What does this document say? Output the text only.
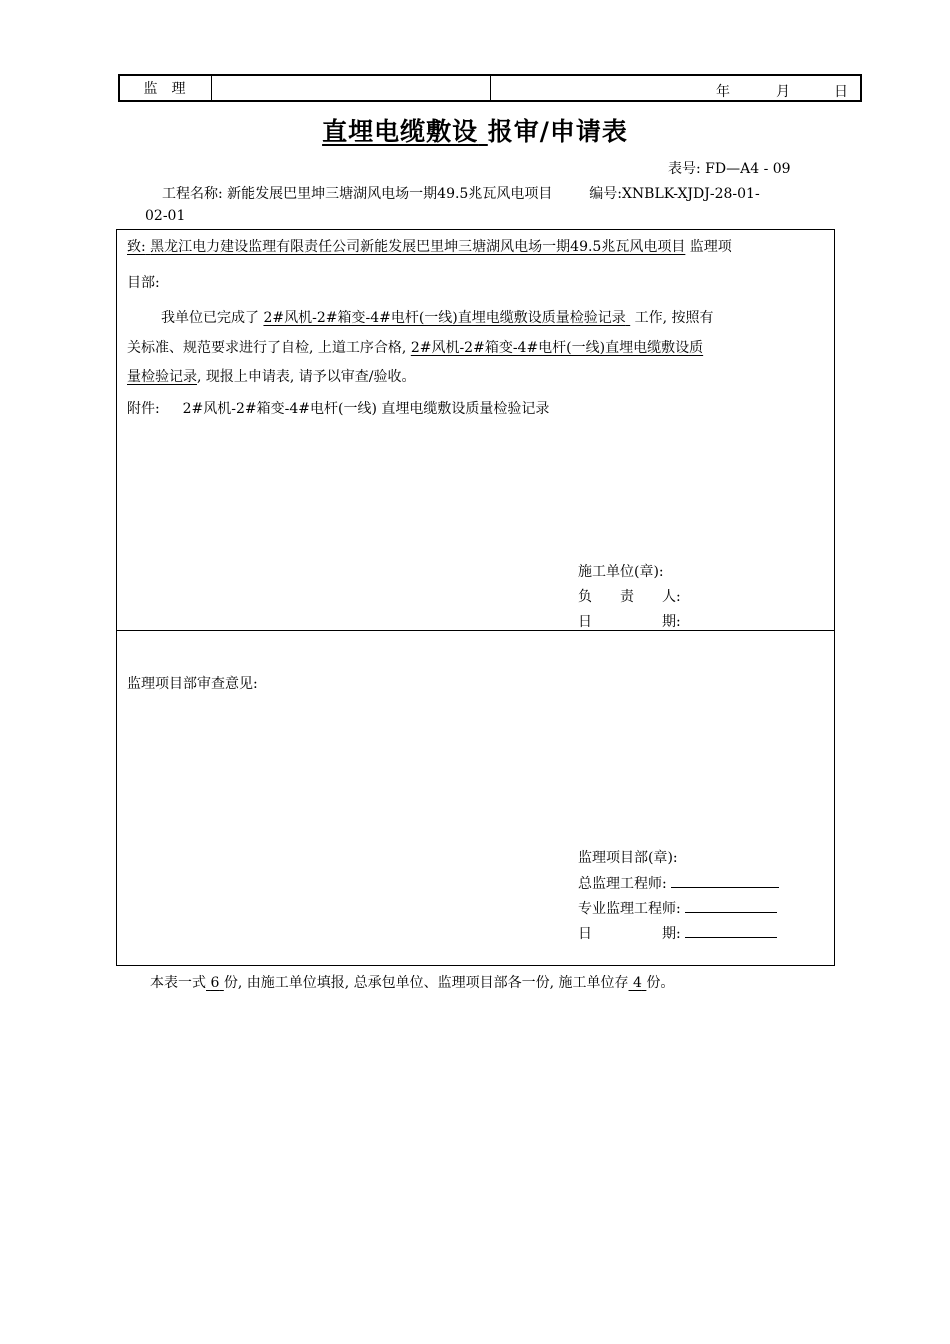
监理	年	月	日
直埋电缆敷设 报审/申请表
表号: FD—A4 - 09
工程名称: 新能发展巴里坤三塘湖风电场一期49.5兆瓦风电项目	编号:XNBLK-XJDJ-28-01-
02-01
致: 黑龙江电力建设监理有限责任公司新能发展巴里坤三塘湖风电场一期49.5兆瓦风电项目 监理项
目部:
我单位已完成了 2#风机-2#箱变-4#电杆(一线)直埋电缆敷设质量检验记录 工作, 按照有
关标准、规范要求进行了自检, 上道工序合格, 2#风机-2#箱变-4#电杆(一线)直埋电缆敷设质
量检验记录, 现报上申请表, 请予以审查/验收。
附件: 2#风机-2#箱变-4#电杆(一线) 直埋电缆敷设质量检验记录
施工单位(章):
负　　责　　人:
日　　　　　期:
监理项目部审查意见:
监理项目部(章):
总监理工程师:
专业监理工程师:
日　　　　　期:
本表一式 6 份, 由施工单位填报, 总承包单位、监理项目部各一份, 施工单位存 4 份。
